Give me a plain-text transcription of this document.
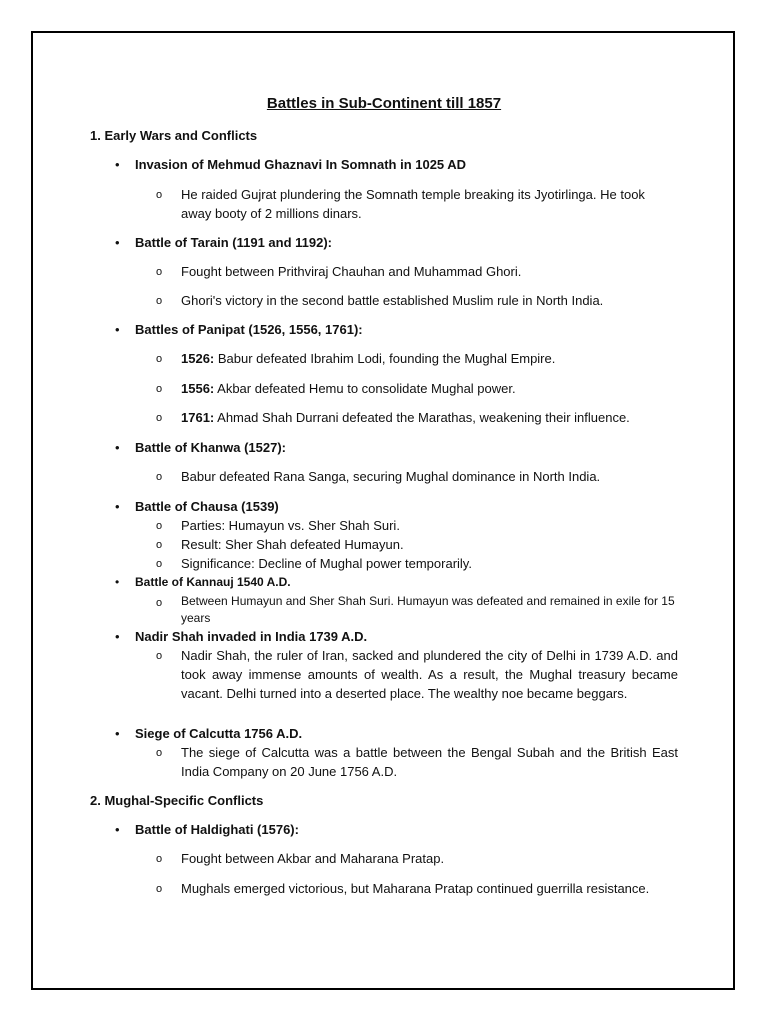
Battles in Sub-Continent till 1857
1. Early Wars and Conflicts
• Invasion of Mehmud Ghaznavi In Somnath in 1025 AD
o He raided Gujrat plundering the Somnath temple breaking its Jyotirlinga. He took away booty of 2 millions dinars.
• Battle of Tarain (1191 and 1192):
o Fought between Prithviraj Chauhan and Muhammad Ghori.
o Ghori's victory in the second battle established Muslim rule in North India.
• Battles of Panipat (1526, 1556, 1761):
o 1526: Babur defeated Ibrahim Lodi, founding the Mughal Empire.
o 1556: Akbar defeated Hemu to consolidate Mughal power.
o 1761: Ahmad Shah Durrani defeated the Marathas, weakening their influence.
• Battle of Khanwa (1527):
o Babur defeated Rana Sanga, securing Mughal dominance in North India.
• Battle of Chausa (1539)
o Parties: Humayun vs. Sher Shah Suri.
o Result: Sher Shah defeated Humayun.
o Significance: Decline of Mughal power temporarily.
• Battle of Kannauj 1540 A.D.
o Between Humayun and Sher Shah Suri. Humayun was defeated and remained in exile for 15 years
• Nadir Shah invaded in India 1739 A.D.
o Nadir Shah, the ruler of Iran, sacked and plundered the city of Delhi in 1739 A.D. and took away immense amounts of wealth. As a result, the Mughal treasury became vacant. Delhi turned into a deserted place. The wealthy noe became beggars.
• Siege of Calcutta 1756 A.D.
o The siege of Calcutta was a battle between the Bengal Subah and the British East India Company on 20 June 1756 A.D.
2. Mughal-Specific Conflicts
• Battle of Haldighati (1576):
o Fought between Akbar and Maharana Pratap.
o Mughals emerged victorious, but Maharana Pratap continued guerrilla resistance.
